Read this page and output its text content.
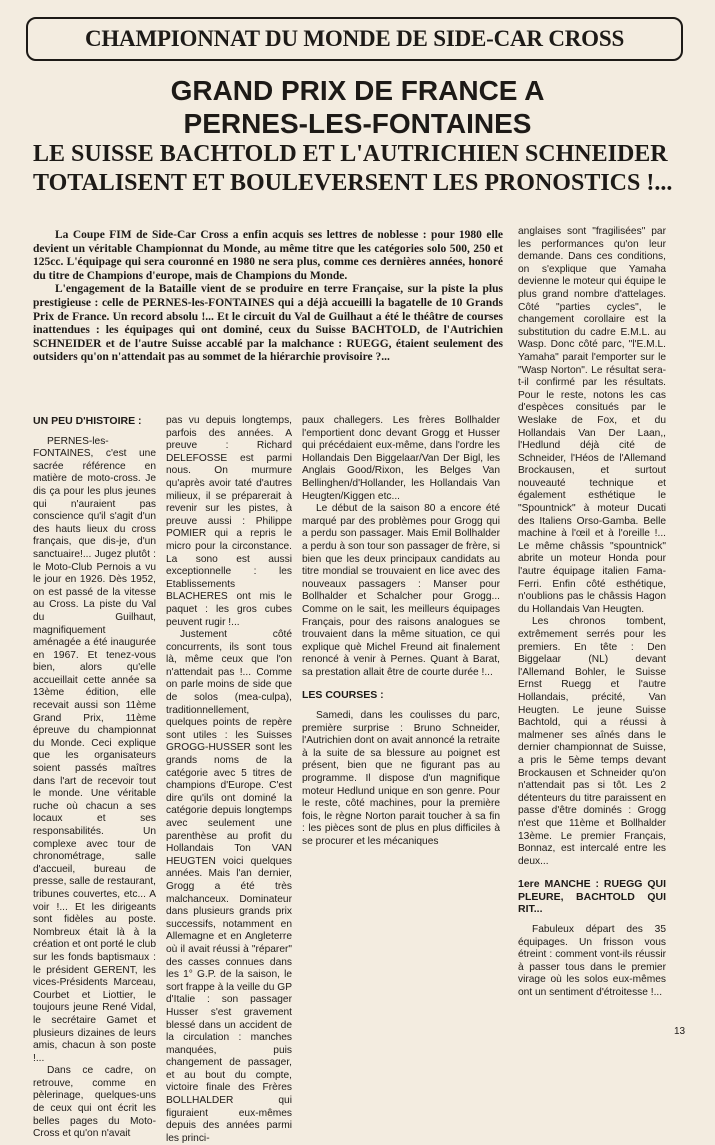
CHAMPIONNAT DU MONDE DE SIDE-CAR CROSS
GRAND PRIX DE FRANCE A
PERNES-LES-FONTAINES
LE SUISSE BACHTOLD ET L'AUTRICHIEN SCHNEIDER TOTALISENT ET BOULEVERSENT LES PRONOSTICS !...

La Coupe FIM de Side-Car Cross a enfin acquis ses lettres de noblesse : pour 1980 elle devient un véritable Championnat du Monde, au même titre que les catégories solo 500, 250 et 125cc. L'équipage qui sera couronné en 1980 ne sera plus, comme ces dernières années, honoré du titre de Champions d'europe, mais de Champions du Monde.

L'engagement de la Bataille vient de se produire en terre Française, sur la piste la plus prestigieuse : celle de PERNES-les-FONTAINES qui a déjà accueilli la bagatelle de 10 Grands Prix de France. Un record absolu !... Et le circuit du Val de Guilhaut a été le théâtre de courses inattendues : les équipages qui ont dominé, ceux du Suisse BACHTOLD, de l'Autrichien SCHNEIDER et de l'autre Suisse accablé par la malchance : RUEGG, étaient seulement des outsiders qu'on n'attendait pas au sommet de la hiérarchie provisoire ?...

UN PEU D'HISTOIRE :

PERNES-les-FONTAINES, c'est une sacrée référence en matière de moto-cross. Je dis ça pour les plus jeunes qui n'auraient pas conscience qu'il s'agit d'un des hauts lieux du cross français, que dis-je, d'un sanctuaire!... Jugez plutôt : le Moto-Club Pernois a vu le jour en 1926. Dès 1952, on est passé de la vitesse au Cross. La piste du Val du Guilhaut, magnifiquement aménagée a été inaugurée en 1967. Et tenez-vous bien, alors qu'elle accueillait cette année sa 13ème édition, elle recevait aussi son 11ème Grand Prix, 11ème épreuve du championnat du Monde. Ceci explique que les organisateurs soient passés maîtres dans l'art de recevoir tout le monde. Une véritable ruche où chacun a ses locaux et ses responsabilités. Un complexe avec tour de chronométrage, salle d'accueil, bureau de presse, salle de restaurant, tribunes couvertes, etc... A voir !... Et les dirigeants sont fidèles au poste. Nombreux était là à la création et ont porté le club sur les fonds baptismaux : le président GERENT, les vices-Présidents Marceau, Courbet et Liottier, le toujours jeune René Vidal, le secrétaire Gamet et plusieurs dizaines de leurs amis, chacun à son poste !...

Dans ce cadre, on retrouve, comme en pèlerinage, quelques-uns de ceux qui ont écrit les belles pages du Moto-Cross et qu'on n'avait

pas vu depuis longtemps, parfois des années. A preuve : Richard DELEFOSSE est parmi nous. On murmure qu'après avoir taté d'autres milieux, il se préparerait à revenir sur les pistes, à preuve aussi : Philippe POMIER qui a repris le micro pour la circonstance. La sono est aussi exceptionnelle : les Etablissements BLACHERES ont mis le paquet : les gros cubes peuvent rugir !...

Justement côté concurrents, ils sont tous là, même ceux que l'on n'attendait pas !... Comme on parle moins de side que de solos (mea-culpa), traditionnellement, quelques points de repère sont utiles : les Suisses GROGG-HUSSER sont les grands noms de la catégorie avec 5 titres de champions d'Europe. C'est dire qu'ils ont dominé la catégorie depuis longtemps avec seulement une parenthèse au profit du Hollandais Ton VAN HEUGTEN voici quelques années. Mais l'an dernier, Grogg a été très malchanceux. Dominateur dans plusieurs grands prix successifs, notamment en Allemagne et en Angleterre où il avait réussi à "réparer" des casses connues dans les 1° G.P. de la saison, le sort frappe à la veille du GP d'Italie : son passager Husser s'est gravement blessé dans un accident de la circulation : manches manquées, puis changement de passager, et au bout du compte, victoire finale des Frères BOLLHALDER qui figuraient eux-mêmes depuis des années parmi les princi-

paux challegers. Les frères Bollhalder l'emportient donc devant Grogg et Husser qui précédaient eux-même, dans l'ordre les Hollandais Den Biggelaar/Van Der Bigl, les Anglais Good/Rixon, les Belges Van Bellinghen/d'Hollander, les Hollandais Van Heugten/Kiggen etc...

Le début de la saison 80 a encore été marqué par des problèmes pour Grogg qui a perdu son passager. Mais Emil Bollhalder a perdu à son tour son passager de frère, si bien que les deux principaux candidats au titre mondial se trouvaient en lice avec des nouveaux passagers : Manser pour Bollhalder et Schalcher pour Grogg... Comme on le sait, les meilleurs équipages Français, pour des raisons analogues se trouvaient dans la même situation, ce qui explique què Michel Freund ait finalement renoncé à venir à Pernes. Quant à Barat, sa prestation allait être de courte durée !...

LES COURSES :

Samedi, dans les coulisses du parc, première surprise : Bruno Schneider, l'Autrichien dont on avait annoncé la retraite à la suite de sa blessure au poignet est présent, bien que ne figurant pas au programme. Il dispose d'un magnifique moteur Hedlund unique en son genre. Pour le reste, côté machines, pour la première fois, le règne Norton parait toucher à sa fin : les pièces sont de plus en plus difficiles à se procurer et les mécaniques

anglaises sont "fragilisées" par les performances qu'on leur demande. Dans ces conditions, on s'explique que Yamaha devienne le moteur qui équipe le plus grand nombre d'attelages. Côté "parties cycles", le changement corollaire est la substitution du cadre E.M.L. au Wasp. Donc côté parc, "l'E.M.L. Yamaha" parait l'emporter sur le "Wasp Norton". Le résultat sera-t-il confirmé par les résultats. Pour le reste, notons les cas d'espèces consitués par le Weslake de Fox, et du Hollandais Van Der Laan,, l'Hedlund déjà cité de Schneider, l'Héos de l'Allemand Brockausen, et surtout nouveauté technique et également esthétique le "Spountnick" à moteur Ducati des Italiens Orso-Gamba. Belle machine à l'œil et à l'oreille !... Le même châssis "spountnick" abrite un moteur Honda pour l'autre équipage italien Fama-Ferri. Enfin côté esthétique, n'oublions pas le châssis Hagon du Hollandais Van Heugten.

Les chronos tombent, extrêmement serrés pour les premiers. En tête : Den Biggelaar (NL) devant l'Allemand Bohler, le Suisse Ernst Ruegg et l'autre Hollandais, précité, Van Heugten. Le jeune Suisse Bachtold, qui a réussi à malmener ses aînés dans le dernier championnat de Suisse, a pris le 5ème temps devant Brockausen et Schneider qu'on n'attendait pas si tôt. Les 2 détenteurs du titre paraissent en passe d'être dominés : Grogg n'est que 11ème et Bollhalder 13ème. Le premier Français, Bonnaz, est intercalé entre les deux...

1ere MANCHE : RUEGG QUI PLEURE, BACHTOLD QUI RIT...

Fabuleux départ des 35 équipages. Un frisson vous étreint : comment vont-ils réussir à passer tous dans le premier virage où les solos eux-mêmes ont un sentiment d'étroitesse !...

13
